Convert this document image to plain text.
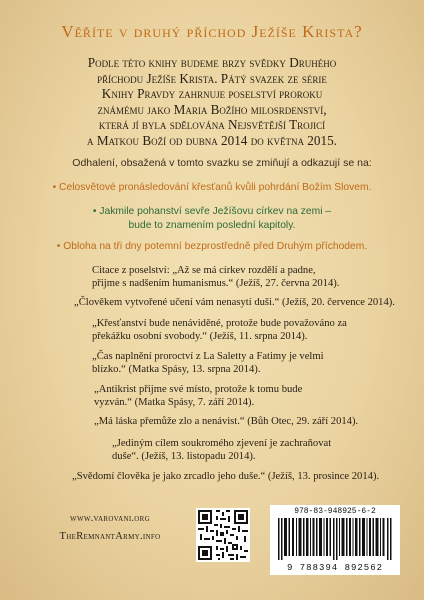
Věříte v druhý příchod Ježíše Krista?
Podle této knihy budeme brzy svědky Druhého
příchodu Ježíše Krista. Pátý svazek ze série
Knihy Pravdy zahrnuje poselství proroku
známému jako Maria Božího milosrdenství,
která jí byla sdělována Nejsvětější Trojicí
a Matkou Boží od dubna 2014 do května 2015.
Odhalení, obsažená v tomto svazku se zmiňují a odkazují se na:
• Celosvětové pronásledování křesťanů kvůli pohrdání Božím Slovem.
• Jakmile pohanství sevře Ježíšovu církev na zemi –
bude to znamením poslední kapitoly.
• Obloha na tři dny potemní bezprostředně před Druhým příchodem.
Citace z poselství: „Až se má církev rozdělí a padne,
přijme s nadšením humanismus.“ (Ježíš, 27. června 2014).
„Člověkem vytvořené učení vám nenasytí duši.“ (Ježíš, 20. července 2014).
„Křesťanství bude nenáviděné, protože bude považováno za
překážku osobní svobody.“ (Ježíš, 11. srpna 2014).
„Čas naplnění proroctví z La Saletty a Fatimy je velmi
blízko.“ (Matka Spásy, 13. srpna 2014).
„Antikrist přijme své místo, protože k tomu bude
vyzván.“ (Matka Spásy, 7. září 2014).
„Má láska přemůže zlo a nenávist.“ (Bůh Otec, 29. září 2014).
„Jediným cílem soukromého zjevení je zachraňovat
duše“. (Ježíš, 13. listopadu 2014).
„Svědomí člověka je jako zrcadlo jeho duše.“ (Ježíš, 13. prosince 2014).
www.varovani.org
TheRemnantArmy.info
978-83-948925-6-2
9 788394 892562
